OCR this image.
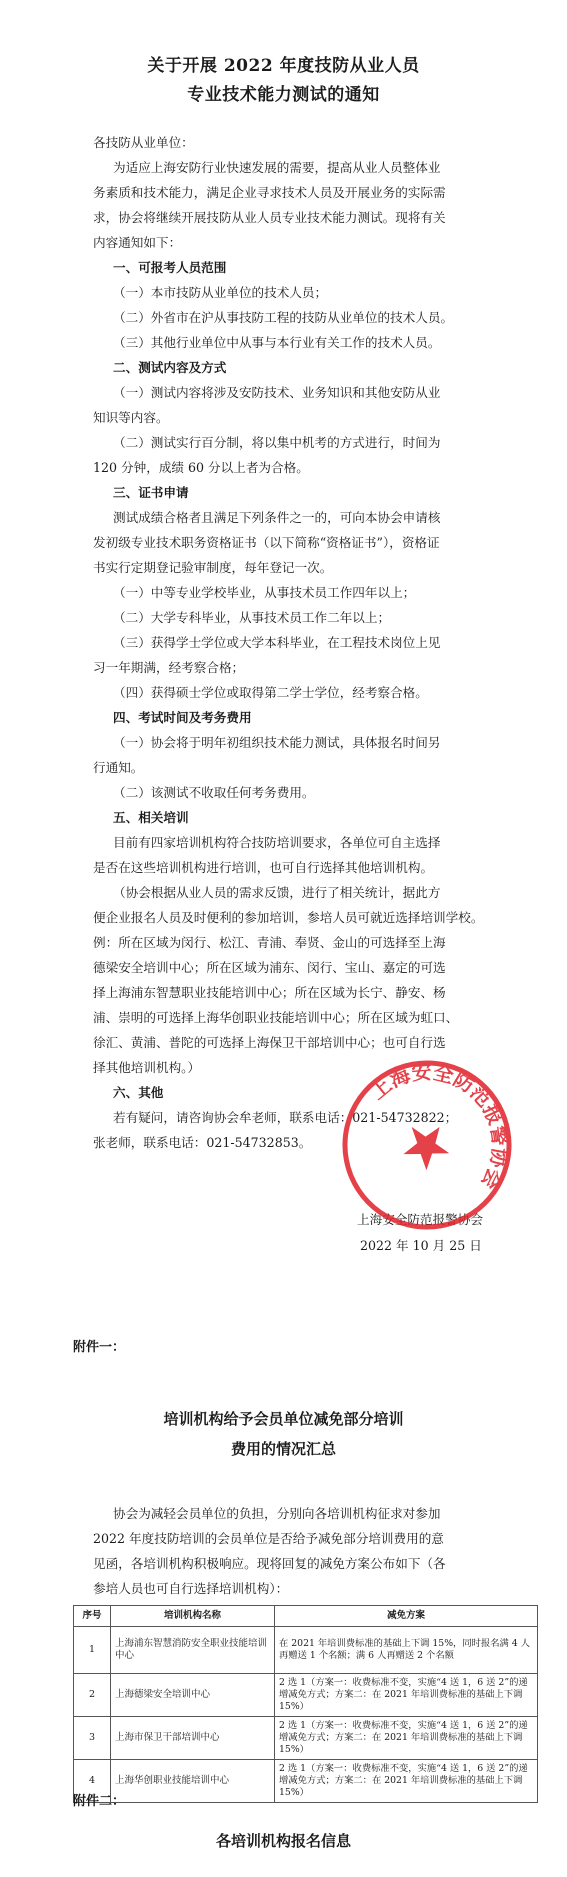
关于开展 2022 年度技防从业人员
专业技术能力测试的通知
各技防从业单位：
为适应上海安防行业快速发展的需要，提高从业人员整体业
务素质和技术能力，满足企业寻求技术人员及开展业务的实际需
求，协会将继续开展技防从业人员专业技术能力测试。现将有关
内容通知如下：
一、可报考人员范围
（一）本市技防从业单位的技术人员；
（二）外省市在沪从事技防工程的技防从业单位的技术人员。
（三）其他行业单位中从事与本行业有关工作的技术人员。
二、测试内容及方式
（一）测试内容将涉及安防技术、业务知识和其他安防从业
知识等内容。
（二）测试实行百分制，将以集中机考的方式进行，时间为
120 分钟，成绩 60 分以上者为合格。
三、证书申请
测试成绩合格者且满足下列条件之一的，可向本协会申请核
发初级专业技术职务资格证书（以下简称“资格证书”），资格证
书实行定期登记验审制度，每年登记一次。
（一）中等专业学校毕业，从事技术员工作四年以上；
（二）大学专科毕业，从事技术员工作二年以上；
（三）获得学士学位或大学本科毕业，在工程技术岗位上见
习一年期满，经考察合格；
（四）获得硕士学位或取得第二学士学位，经考察合格。
四、考试时间及考务费用
（一）协会将于明年初组织技术能力测试，具体报名时间另
行通知。
（二）该测试不收取任何考务费用。
五、相关培训
目前有四家培训机构符合技防培训要求，各单位可自主选择
是否在这些培训机构进行培训，也可自行选择其他培训机构。
（协会根据从业人员的需求反馈，进行了相关统计，据此方
便企业报名人员及时便利的参加培训，参培人员可就近选择培训学校。
例：所在区域为闵行、松江、青浦、奉贤、金山的可选择至上海
德梁安全培训中心；所在区域为浦东、闵行、宝山、嘉定的可选
择上海浦东智慧职业技能培训中心；所在区域为长宁、静安、杨
浦、崇明的可选择上海华创职业技能培训中心；所在区域为虹口、
徐汇、黄浦、普陀的可选择上海保卫干部培训中心；也可自行选
择其他培训机构。）
六、其他
若有疑问，请咨询协会牟老师，联系电话：021-54732822；
张老师，联系电话：021-54732853。
上海安全防范报警协会
2022 年 10 月 25 日
上海安全防范报警协会
附件一：
培训机构给予会员单位减免部分培训
费用的情况汇总
协会为减轻会员单位的负担，分别向各培训机构征求对参加
2022 年度技防培训的会员单位是否给予减免部分培训费用的意
见函，各培训机构积极响应。现将回复的减免方案公布如下（各
参培人员也可自行选择培训机构）：
序号	培训机构名称	减免方案
1	上海浦东智慧消防安全职业技能培训中心	在 2021 年培训费标准的基础上下调 15%，同时报名满 4 人再赠送 1 个名额；满 6 人再赠送 2 个名额
2	上海德梁安全培训中心	2 选 1（方案一：收费标准不变，实施“4 送 1，6 送 2”的递增减免方式；方案二：在 2021 年培训费标准的基础上下调 15%）
3	上海市保卫干部培训中心	2 选 1（方案一：收费标准不变，实施“4 送 1，6 送 2”的递增减免方式；方案二：在 2021 年培训费标准的基础上下调 15%）
4	上海华创职业技能培训中心	2 选 1（方案一：收费标准不变，实施“4 送 1，6 送 2”的递增减免方式；方案二：在 2021 年培训费标准的基础上下调 15%）
附件二：
各培训机构报名信息
